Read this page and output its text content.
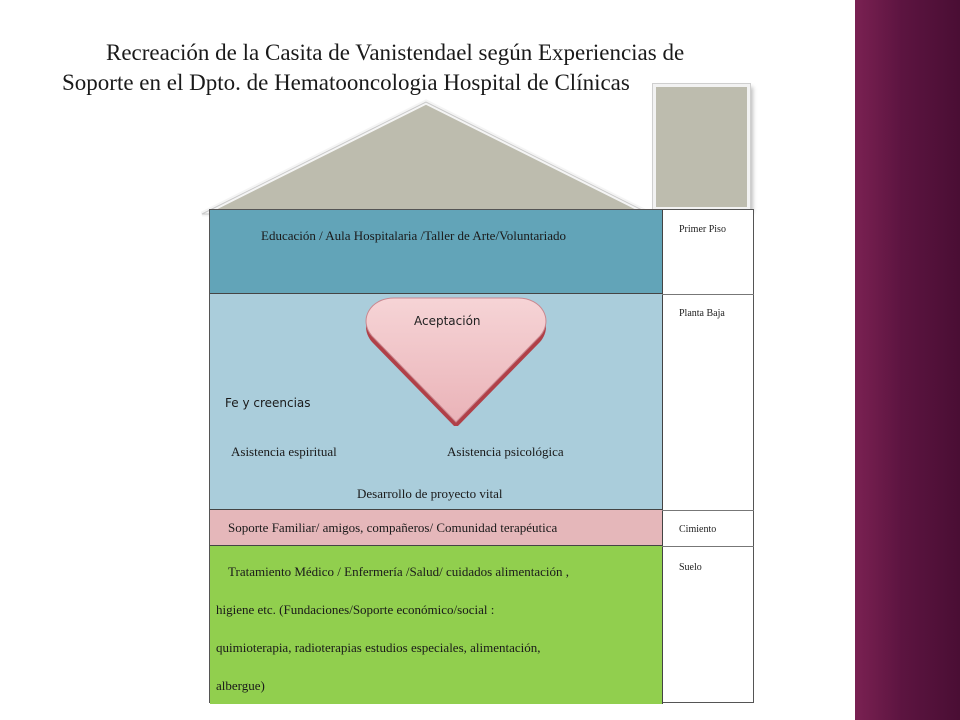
Recreación de la Casita de Vanistendael según Experiencias de
Soporte en el Dpto. de Hematooncologia Hospital de Clínicas
Educación / Aula Hospitalaria /Taller de Arte/Voluntariado
Fe y creencias
Asistencia espiritual	Asistencia psicológica
Desarrollo de proyecto vital
Soporte Familiar/ amigos, compañeros/ Comunidad terapéutica
Tratamiento Médico / Enfermería /Salud/ cuidados alimentación ,
higiene etc. (Fundaciones/Soporte económico/social :
quimioterapia, radioterapias estudios especiales, alimentación,
albergue)
Aceptación
Primer Piso
Planta Baja
Cimiento
Suelo
